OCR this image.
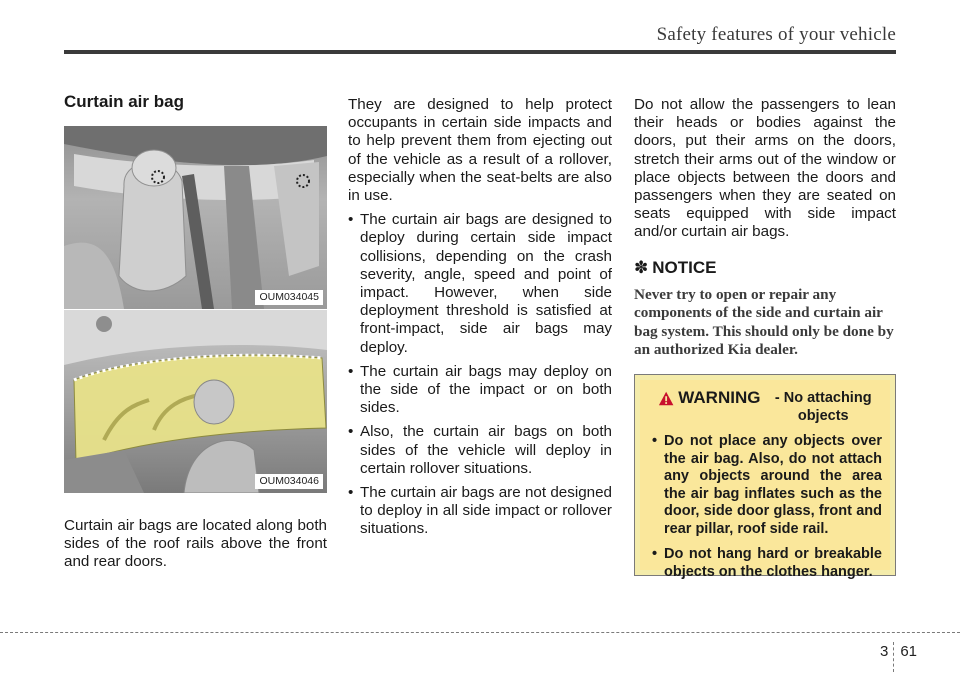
Safety features of your vehicle
Curtain air bag
OUM034045
OUM034046

Curtain air bags are located along both sides of the roof rails above the front and rear doors.

They are designed to help protect occupants in certain side impacts and to help prevent them from ejecting out of the vehicle as a result of a rollover, especially when the seat-belts are also in use.

• The curtain air bags are designed to deploy during certain side impact collisions, depending on the crash severity, angle, speed and point of impact. However, when side deployment threshold is satisfied at front-impact, side air bags may deploy.
• The curtain air bags may deploy on the side of the impact or on both sides.
• Also, the curtain air bags on both sides of the vehicle will deploy in certain rollover situations.
• The curtain air bags are not designed to deploy in all side impact or rollover situations.

Do not allow the passengers to lean their heads or bodies against the doors, put their arms on the doors, stretch their arms out of the window or place objects between the doors and passengers when they are seated on seats equipped with side impact and/or curtain air bags.

✽ NOTICE

Never try to open or repair any components of the side and curtain air bag system. This should only be done by an authorized Kia dealer.

WARNING - No attaching objects
• Do not place any objects over the air bag. Also, do not attach any objects around the area the air bag inflates such as the door, side door glass, front and rear pillar, roof side rail.
• Do not hang hard or breakable objects on the clothes hanger.
3 61
